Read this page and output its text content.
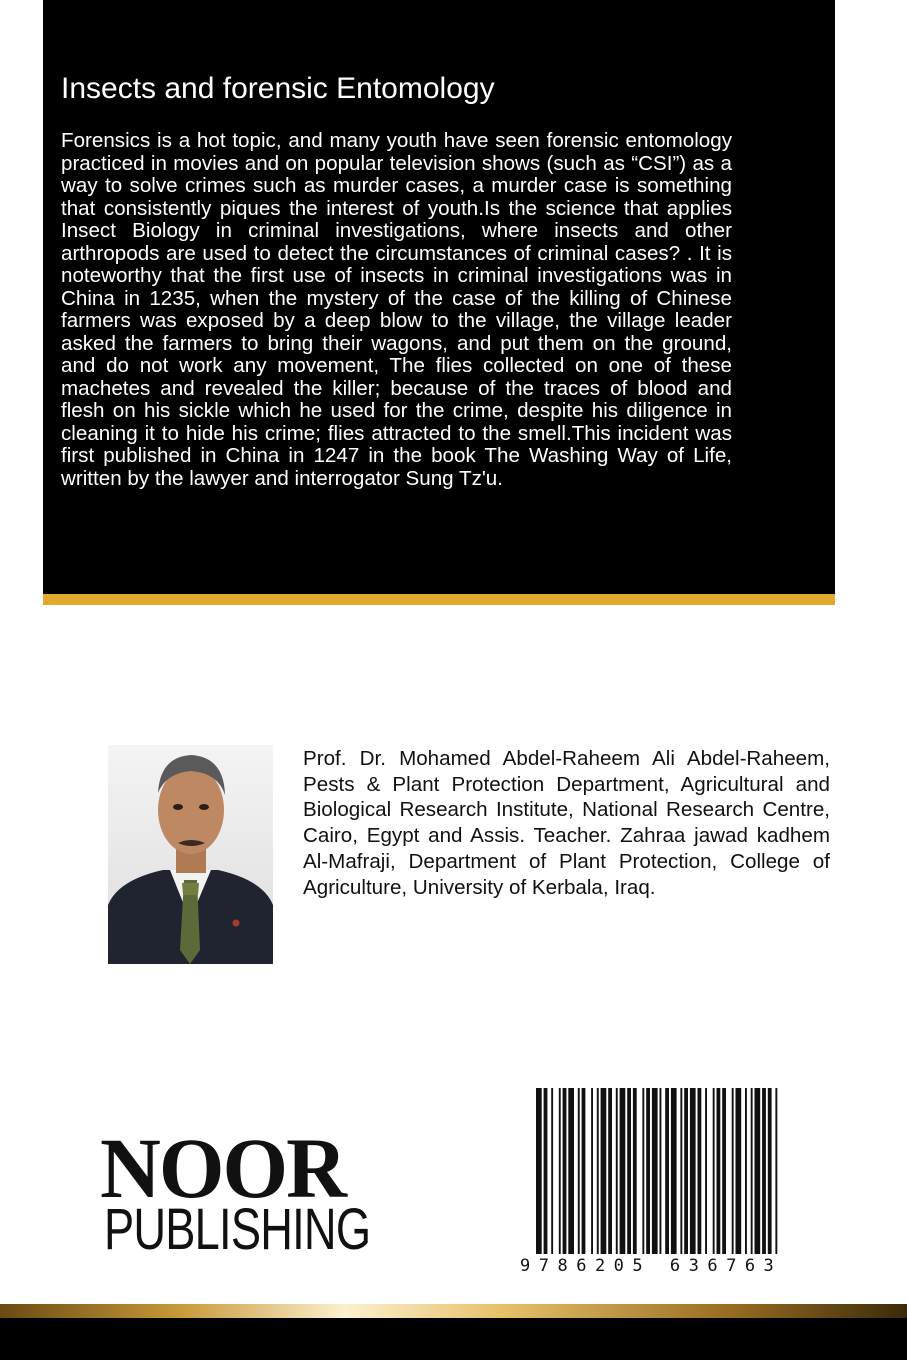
Insects and forensic Entomology

Forensics is a hot topic, and many youth have seen forensic entomology practiced in movies and on popular television shows (such as “CSI”) as a way to solve crimes such as murder cases, a murder case is something that consistently piques the interest of youth.Is the science that applies Insect Biology in criminal investigations, where insects and other arthropods are used to detect the circumstances of criminal cases? . It is noteworthy that the first use of insects in criminal investigations was in China in 1235, when the mystery of the case of the killing of Chinese farmers was exposed by a deep blow to the village, the village leader asked the farmers to bring their wagons, and put them on the ground, and do not work any movement, The flies collected on one of these machetes and revealed the killer; because of the traces of blood and flesh on his sickle which he used for the crime, despite his diligence in cleaning it to hide his crime; flies attracted to the smell.This incident was first published in China in 1247 in the book The Washing Way of Life, written by the lawyer and interrogator Sung Tz'u.

Prof. Dr. Mohamed Abdel-Raheem Ali Abdel-Raheem, Pests & Plant Protection Department, Agricultural and Biological Research Institute, National Research Centre, Cairo, Egypt and Assis. Teacher. Zahraa jawad kadhem Al-Mafraji, Department of Plant Protection, College of Agriculture, University of Kerbala, Iraq.

NOOR
PUBLISHING
9786205 636763
